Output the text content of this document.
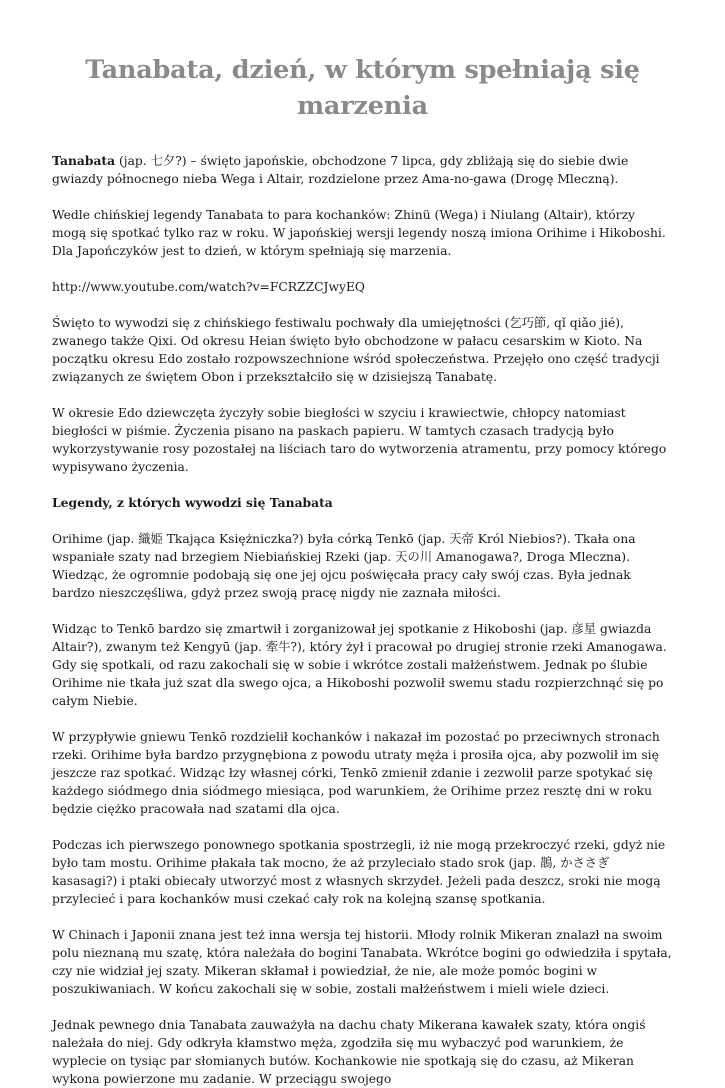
Tanabata, dzień, w którym spełniają się marzenia

Tanabata (jap. 七夕?) – święto japońskie, obchodzone 7 lipca, gdy zbliżają się do siebie dwie gwiazdy północnego nieba Wega i Altair, rozdzielone przez Ama-no-gawa (Drogę Mleczną).

Wedle chińskiej legendy Tanabata to para kochanków: Zhinü (Wega) i Niulang (Altair), którzy mogą się spotkać tylko raz w roku. W japońskiej wersji legendy noszą imiona Orihime i Hikoboshi. Dla Japończyków jest to dzień, w którym spełniają się marzenia.

http://www.youtube.com/watch?v=FCRZZCJwyEQ

Święto to wywodzi się z chińskiego festiwalu pochwały dla umiejętności (乞巧節, qǐ qiǎo jié), zwanego także Qixi. Od okresu Heian święto było obchodzone w pałacu cesarskim w Kioto. Na początku okresu Edo zostało rozpowszechnione wśród społeczeństwa. Przejęło ono część tradycji związanych ze świętem Obon i przekształciło się w dzisiejszą Tanabatę.

W okresie Edo dziewczęta życzyły sobie biegłości w szyciu i krawiectwie, chłopcy natomiast biegłości w piśmie. Życzenia pisano na paskach papieru. W tamtych czasach tradycją było wykorzystywanie rosy pozostałej na liściach taro do wytworzenia atramentu, przy pomocy którego wypisywano życzenia.

Legendy, z których wywodzi się Tanabata

Orihime (jap. 織姫 Tkająca Księżniczka?) była córką Tenkō (jap. 天帝 Król Niebios?). Tkała ona wspaniałe szaty nad brzegiem Niebiańskiej Rzeki (jap. 天の川 Amanogawa?, Droga Mleczna). Wiedząc, że ogromnie podobają się one jej ojcu poświęcała pracy cały swój czas. Była jednak bardzo nieszczęśliwa, gdyż przez swoją pracę nigdy nie zaznała miłości.

Widząc to Tenkō bardzo się zmartwił i zorganizował jej spotkanie z Hikoboshi (jap. 彦星 gwiazda Altair?), zwanym też Kengyū (jap. 牽牛?), który żył i pracował po drugiej stronie rzeki Amanogawa. Gdy się spotkali, od razu zakochali się w sobie i wkrótce zostali małżeństwem. Jednak po ślubie Orihime nie tkała już szat dla swego ojca, a Hikoboshi pozwolił swemu stadu rozpierzchnąć się po całym Niebie.

W przypływie gniewu Tenkō rozdzielił kochanków i nakazał im pozostać po przeciwnych stronach rzeki. Orihime była bardzo przygnębiona z powodu utraty męża i prosiła ojca, aby pozwolił im się jeszcze raz spotkać. Widząc łzy własnej córki, Tenkō zmienił zdanie i zezwolił parze spotykać się każdego siódmego dnia siódmego miesiąca, pod warunkiem, że Orihime przez resztę dni w roku będzie ciężko pracowała nad szatami dla ojca.

Podczas ich pierwszego ponownego spotkania spostrzegli, iż nie mogą przekroczyć rzeki, gdyż nie było tam mostu. Orihime płakała tak mocno, że aż przyleciało stado srok (jap. 鵲, かささぎ kasasagi?) i ptaki obiecały utworzyć most z własnych skrzydeł. Jeżeli pada deszcz, sroki nie mogą przylecieć i para kochanków musi czekać cały rok na kolejną szansę spotkania.

W Chinach i Japonii znana jest też inna wersja tej historii. Młody rolnik Mikeran znalazł na swoim polu nieznaną mu szatę, która należała do bogini Tanabata. Wkrótce bogini go odwiedziła i spytała, czy nie widział jej szaty. Mikeran skłamał i powiedział, że nie, ale może pomóc bogini w poszukiwaniach. W końcu zakochali się w sobie, zostali małżeństwem i mieli wiele dzieci.

Jednak pewnego dnia Tanabata zauważyła na dachu chaty Mikerana kawałek szaty, która ongiś należała do niej. Gdy odkryła kłamstwo męża, zgodziła się mu wybaczyć pod warunkiem, że wyplecie on tysiąc par słomianych butów. Kochankowie nie spotkają się do czasu, aż Mikeran wykona powierzone mu zadanie. W przeciągu swojego
